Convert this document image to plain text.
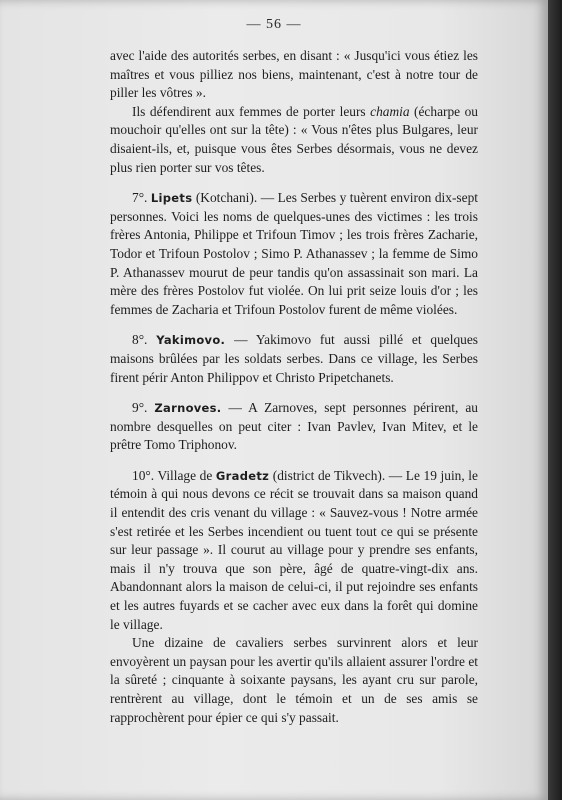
— 56 —

avec l'aide des autorités serbes, en disant : « Jusqu'ici vous étiez les maîtres et vous pilliez nos biens, maintenant, c'est à notre tour de piller les vôtres ».

Ils défendirent aux femmes de porter leurs chamia (écharpe ou mouchoir qu'elles ont sur la tête) : « Vous n'êtes plus Bulgares, leur disaient-ils, et, puisque vous êtes Serbes désormais, vous ne devez plus rien porter sur vos têtes.

7°. Lipets (Kotchani). — Les Serbes y tuèrent environ dix-sept personnes. Voici les noms de quelques-unes des victimes : les trois frères Antonia, Philippe et Trifoun Timov ; les trois frères Zacharie, Todor et Trifoun Postolov ; Simo P. Athanassev ; la femme de Simo P. Athanassev mourut de peur tandis qu'on assassinait son mari. La mère des frères Postolov fut violée. On lui prit seize louis d'or ; les femmes de Zacharia et Trifoun Postolov furent de même violées.

8°. Yakimovo. — Yakimovo fut aussi pillé et quelques maisons brûlées par les soldats serbes. Dans ce village, les Serbes firent périr Anton Philippov et Christo Pripetchanets.

9°. Zarnoves. — A Zarnoves, sept personnes périrent, au nombre desquelles on peut citer : Ivan Pavlev, Ivan Mitev, et le prêtre Tomo Triphonov.

10°. Village de Gradetz (district de Tikvech). — Le 19 juin, le témoin à qui nous devons ce récit se trouvait dans sa maison quand il entendit des cris venant du village : « Sauvez-vous ! Notre armée s'est retirée et les Serbes incendient ou tuent tout ce qui se présente sur leur passage ». Il courut au village pour y prendre ses enfants, mais il n'y trouva que son père, âgé de quatre-vingt-dix ans. Abandonnant alors la maison de celui-ci, il put rejoindre ses enfants et les autres fuyards et se cacher avec eux dans la forêt qui domine le village.

Une dizaine de cavaliers serbes survinrent alors et leur envoyèrent un paysan pour les avertir qu'ils allaient assurer l'ordre et la sûreté ; cinquante à soixante paysans, les ayant cru sur parole, rentrèrent au village, dont le témoin et un de ses amis se rapprochèrent pour épier ce qui s'y passait.
